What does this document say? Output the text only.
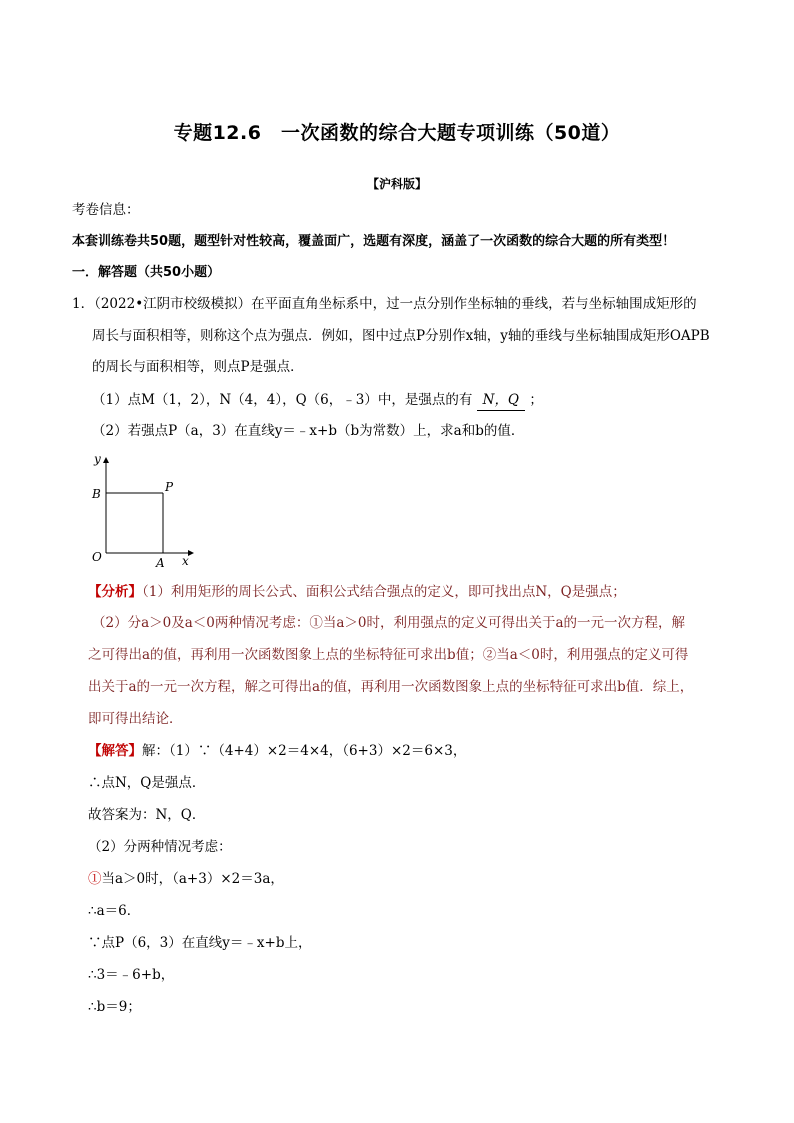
专题12.6　一次函数的综合大题专项训练（50道）
【沪科版】
考卷信息：
本套训练卷共50题，题型针对性较高，覆盖面广，选题有深度，涵盖了一次函数的综合大题的所有类型！
一．解答题（共50小题）
1．（2022•江阴市校级模拟）在平面直角坐标系中，过一点分别作坐标轴的垂线，若与坐标轴围成矩形的
周长与面积相等，则称这个点为强点．例如，图中过点P分别作x轴，y轴的垂线与坐标轴围成矩形OAPB
的周长与面积相等，则点P是强点．
（1）点M（1，2），N（4，4），Q（6，﹣3）中，是强点的有 N，Q ；
（2）若强点P（a，3）在直线y＝﹣x+b（b为常数）上，求a和b的值．
y
x
B	P
O	A
【分析】（1）利用矩形的周长公式、面积公式结合强点的定义，即可找出点N，Q是强点；
（2）分a＞0及a＜0两种情况考虑：①当a＞0时，利用强点的定义可得出关于a的一元一次方程，解
之可得出a的值，再利用一次函数图象上点的坐标特征可求出b值；②当a＜0时，利用强点的定义可得
出关于a的一元一次方程，解之可得出a的值，再利用一次函数图象上点的坐标特征可求出b值．综上，
即可得出结论．
【解答】解：（1）∵（4+4）×2＝4×4，（6+3）×2＝6×3，
∴点N，Q是强点．
故答案为：N，Q．
（2）分两种情况考虑：
①当a＞0时，（a+3）×2＝3a，
∴a＝6．
∵点P（6，3）在直线y＝﹣x+b上，
∴3＝﹣6+b，
∴b＝9；
